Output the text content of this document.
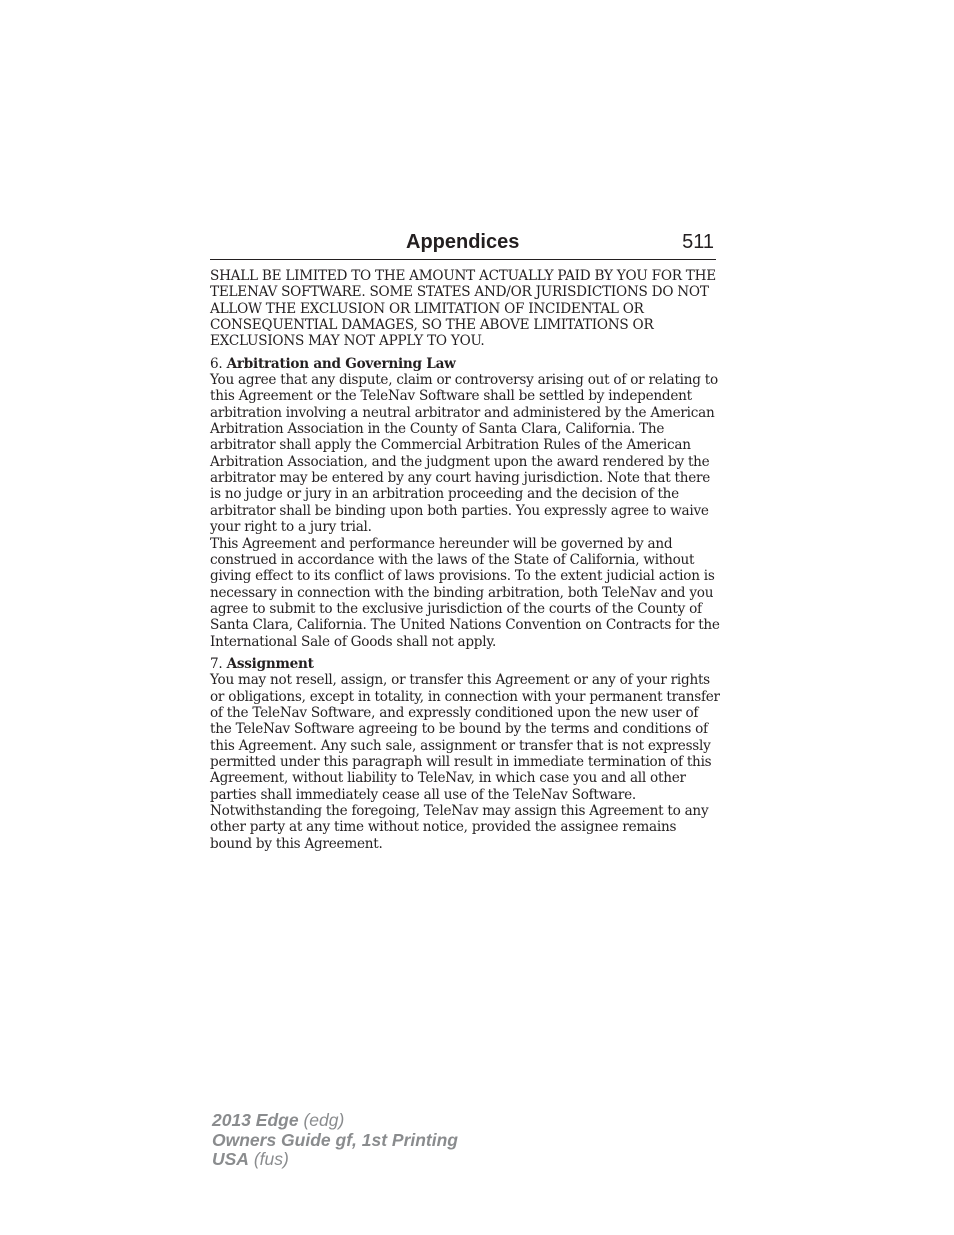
Appendices	511

SHALL BE LIMITED TO THE AMOUNT ACTUALLY PAID BY YOU FOR THE TELENAV SOFTWARE. SOME STATES AND/OR JURISDICTIONS DO NOT ALLOW THE EXCLUSION OR LIMITATION OF INCIDENTAL OR CONSEQUENTIAL DAMAGES, SO THE ABOVE LIMITATIONS OR EXCLUSIONS MAY NOT APPLY TO YOU.

6. Arbitration and Governing Law

You agree that any dispute, claim or controversy arising out of or relating to this Agreement or the TeleNav Software shall be settled by independent arbitration involving a neutral arbitrator and administered by the American Arbitration Association in the County of Santa Clara, California. The arbitrator shall apply the Commercial Arbitration Rules of the American Arbitration Association, and the judgment upon the award rendered by the arbitrator may be entered by any court having jurisdiction. Note that there is no judge or jury in an arbitration proceeding and the decision of the arbitrator shall be binding upon both parties. You expressly agree to waive your right to a jury trial.

This Agreement and performance hereunder will be governed by and construed in accordance with the laws of the State of California, without giving effect to its conflict of laws provisions. To the extent judicial action is necessary in connection with the binding arbitration, both TeleNav and you agree to submit to the exclusive jurisdiction of the courts of the County of Santa Clara, California. The United Nations Convention on Contracts for the International Sale of Goods shall not apply.

7. Assignment

You may not resell, assign, or transfer this Agreement or any of your rights or obligations, except in totality, in connection with your permanent transfer of the TeleNav Software, and expressly conditioned upon the new user of the TeleNav Software agreeing to be bound by the terms and conditions of this Agreement. Any such sale, assignment or transfer that is not expressly permitted under this paragraph will result in immediate termination of this Agreement, without liability to TeleNav, in which case you and all other parties shall immediately cease all use of the TeleNav Software. Notwithstanding the foregoing, TeleNav may assign this Agreement to any other party at any time without notice, provided the assignee remains bound by this Agreement.

2013 Edge (edg)
Owners Guide gf, 1st Printing
USA (fus)
